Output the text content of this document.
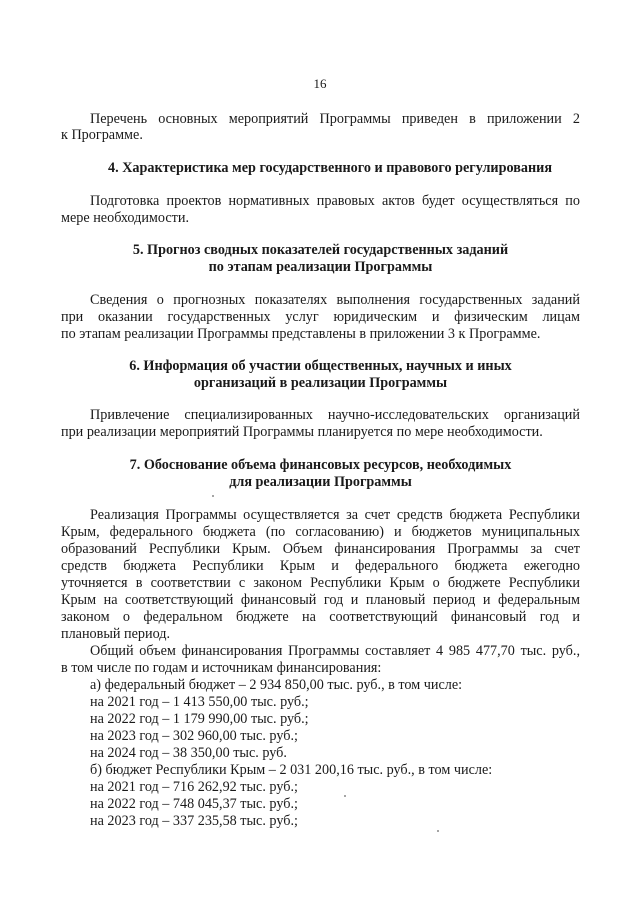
16
Перечень основных мероприятий Программы приведен в приложении 2
к Программе.
4. Характеристика мер государственного и правового регулирования
Подготовка проектов нормативных правовых актов будет осуществляться по
мере необходимости.
5. Прогноз сводных показателей государственных заданий
по этапам реализации Программы
Сведения о прогнозных показателях выполнения государственных заданий
при оказании государственных услуг юридическим и физическим лицам
по этапам реализации Программы представлены в приложении 3 к Программе.
6. Информация об участии общественных, научных и иных
организаций в реализации Программы
Привлечение специализированных научно-исследовательских организаций
при реализации мероприятий Программы планируется по мере необходимости.
7. Обоснование объема финансовых ресурсов, необходимых
для реализации Программы
Реализация Программы осуществляется за счет средств бюджета Республики
Крым, федерального бюджета (по согласованию) и бюджетов муниципальных
образований Республики Крым. Объем финансирования Программы за счет
средств бюджета Республики Крым и федерального бюджета ежегодно
уточняется в соответствии с законом Республики Крым о бюджете Республики
Крым на соответствующий финансовый год и плановый период и федеральным
законом о федеральном бюджете на соответствующий финансовый год и
плановый период.
Общий объем финансирования Программы составляет 4 985 477,70 тыс. руб.,
в том числе по годам и источникам финансирования:
а) федеральный бюджет – 2 934 850,00 тыс. руб., в том числе:
на 2021 год – 1 413 550,00 тыс. руб.;
на 2022 год – 1 179 990,00 тыс. руб.;
на 2023 год – 302 960,00 тыс. руб.;
на 2024 год – 38 350,00 тыс. руб.
б) бюджет Республики Крым – 2 031 200,16 тыс. руб., в том числе:
на 2021 год – 716 262,92 тыс. руб.;
на 2022 год – 748 045,37 тыс. руб.;
на 2023 год – 337 235,58 тыс. руб.;
